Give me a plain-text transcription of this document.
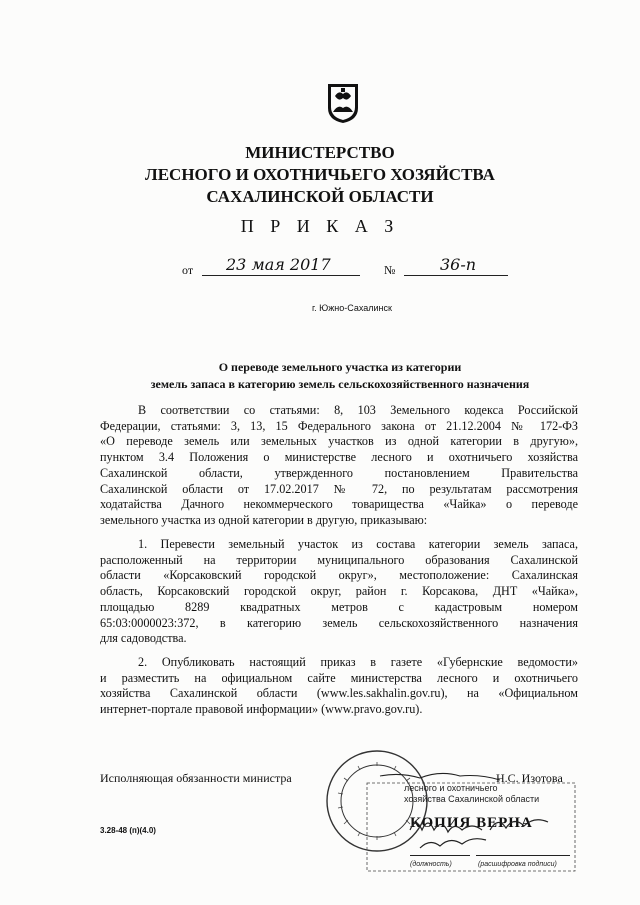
МИНИСТЕРСТВО
ЛЕСНОГО И ОХОТНИЧЬЕГО ХОЗЯЙСТВА
САХАЛИНСКОЙ ОБЛАСТИ
П Р И К А З
от 23 мая 2017	№	36-п
г. Южно-Сахалинск
О переводе земельного участка из категории
земель запаса в категорию земель сельскохозяйственного назначения
В соответствии со статьями: 8, 103 Земельного кодекса Российской
Федерации, статьями: 3, 13, 15 Федерального закона от 21.12.2004 № 172-ФЗ
«О переводе земель или земельных участков из одной категории в другую»,
пунктом 3.4 Положения о министерстве лесного и охотничьего хозяйства
Сахалинской области, утвержденного постановлением Правительства
Сахалинской области от 17.02.2017 № 72, по результатам рассмотрения
ходатайства Дачного некоммерческого товарищества «Чайка» о переводе
земельного участка из одной категории в другую, приказываю:
1. Перевести земельный участок из состава категории земель запаса,
расположенный на территории муниципального образования Сахалинской
области «Корсаковский городской округ», местоположение: Сахалинская
область, Корсаковский городской округ, район г. Корсакова, ДНТ «Чайка»,
площадью 8289 квадратных метров с кадастровым номером
65:03:0000023:372, в категорию земель сельскохозяйственного назначения
для садоводства.
2. Опубликовать настоящий приказ в газете «Губернские ведомости»
и разместить на официальном сайте министерства лесного и охотничьего
хозяйства Сахалинской области (www.les.sakhalin.gov.ru), на «Официальном
интернет-портале правовой информации» (www.pravo.gov.ru).
лесного и охотничьего
хозяйства Сахалинской области
КОПИЯ ВЕРНА
(должность)	(расшифровка подписи)
Исполняющая обязанности министра	Н.С. Изотова
3.28-48 (п)(4.0)
